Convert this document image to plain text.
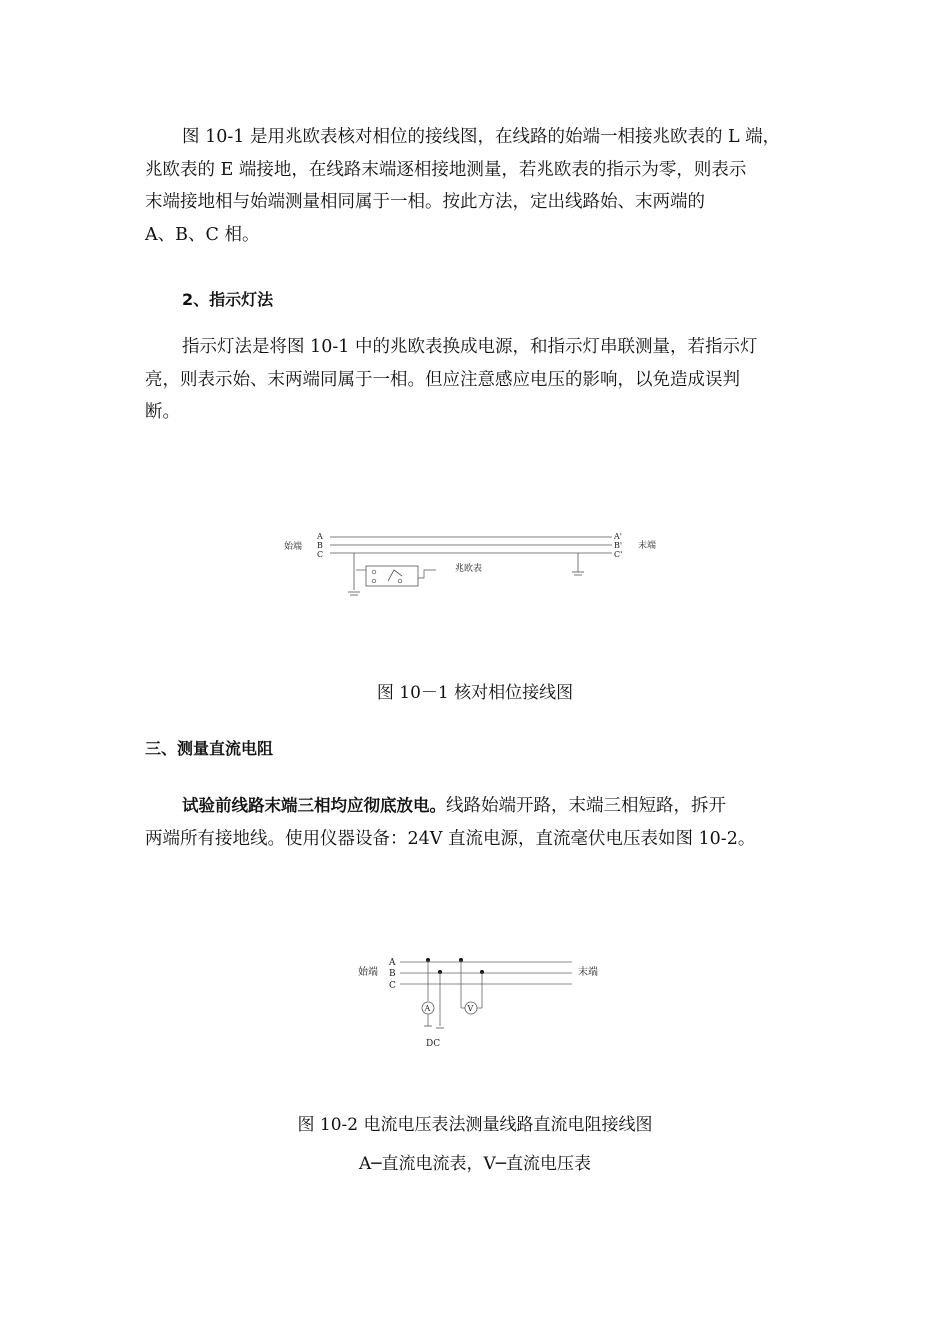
图 10-1 是用兆欧表核对相位的接线图，在线路的始端一相接兆欧表的 L 端，
兆欧表的 E 端接地，在线路末端逐相接地测量，若兆欧表的指示为零，则表示
末端接地相与始端测量相同属于一相。按此方法，定出线路始、末两端的
A、B、C 相。

2、指示灯法

指示灯法是将图 10-1 中的兆欧表换成电源，和指示灯串联测量，若指示灯
亮，则表示始、末两端同属于一相。但应注意感应电压的影响，以免造成误判
断。

始端
A
B
C
A'
B'
C'
末端
兆欧表

图 10－1 核对相位接线图

三、测量直流电阻

试验前线路末端三相均应彻底放电。线路始端开路，末端三相短路，拆开
两端所有接地线。使用仪器设备：24V 直流电源，直流毫伏电压表如图 10-2。

始端
A
B
C
末端
A
DC
V

图 10-2 电流电压表法测量线路直流电阻接线图

A─直流电流表，V─直流电压表
